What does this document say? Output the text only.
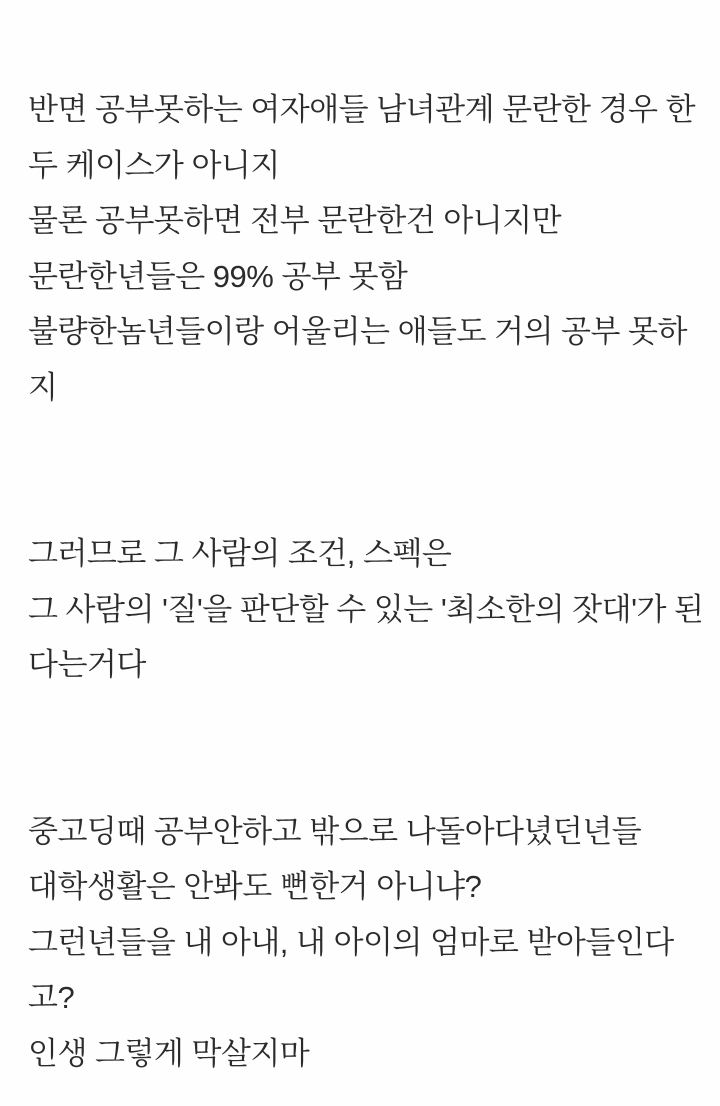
반면 공부못하는 여자애들 남녀관계 문란한 경우 한
두 케이스가 아니지
물론 공부못하면 전부 문란한건 아니지만
문란한년들은 99% 공부 못함
불량한놈년들이랑 어울리는 애들도 거의 공부 못하
지
그러므로 그 사람의 조건, 스펙은
그 사람의 '질'을 판단할 수 있는 '최소한의 잣대'가 된
다는거다
중고딩때 공부안하고 밖으로 나돌아다녔던년들
대학생활은 안봐도 뻔한거 아니냐?
그런년들을 내 아내, 내 아이의 엄마로 받아들인다
고?
인생 그렇게 막살지마
